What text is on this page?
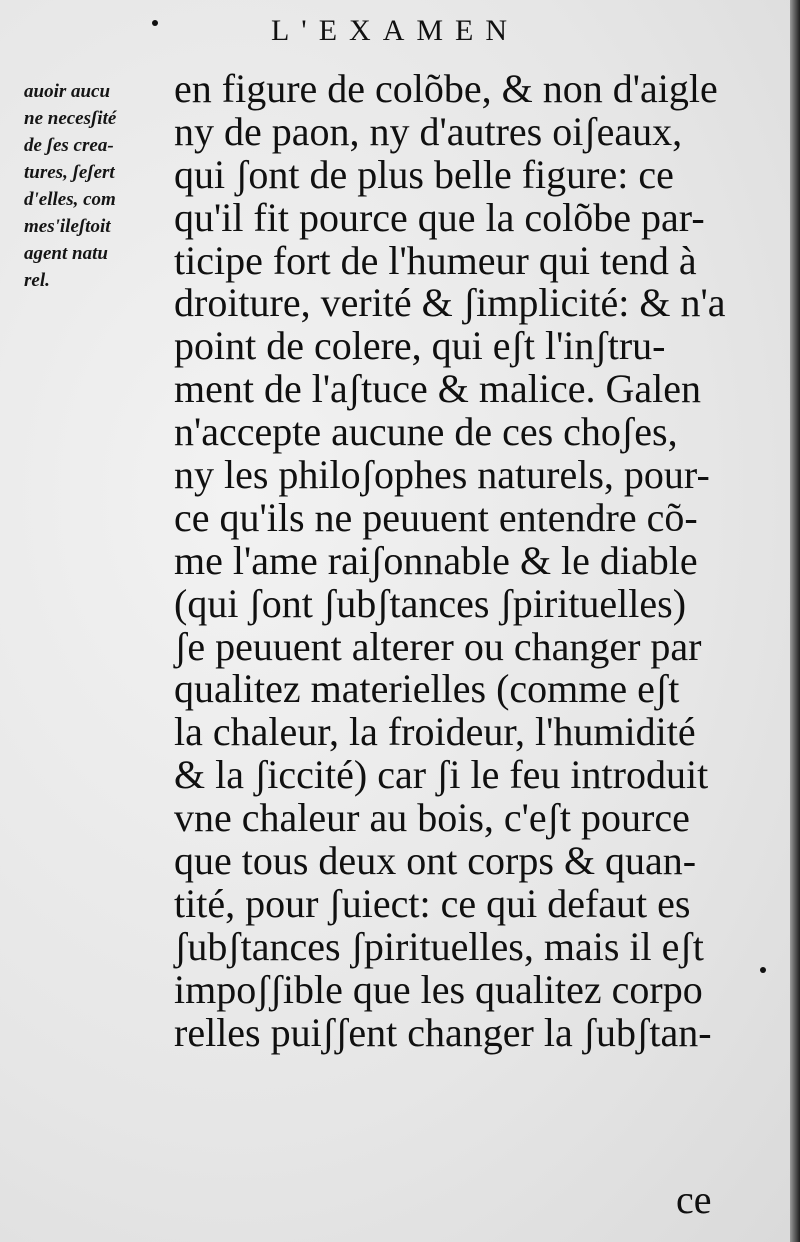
L'EXAMEN
auoir aucu
ne necesʃité
de ʃes crea-
tures, ʃeʃert
d'elles, com
mes'ileʃtoit
agent natu
rel.
en figure de colõbe, & non d'aigle
ny de paon, ny d'autres oiʃeaux,
qui ʃont de plus belle figure: ce
qu'il fit pource que la colõbe par-
ticipe fort de l'humeur qui tend à
droiture, verité & ʃimplicité: & n'a
point de colere, qui eʃt l'inʃtru-
ment de l'aʃtuce & malice. Galen
n'accepte aucune de ces choʃes,
ny les philoʃophes naturels, pour-
ce qu'ils ne peuuent entendre cõ-
me l'ame raiʃonnable & le diable
(qui ʃont ʃubʃtances ʃpirituelles)
ʃe peuuent alterer ou changer par
qualitez materielles (comme eʃt
la chaleur, la froideur, l'humidité
& la ʃiccité) car ʃi le feu introduit
vne chaleur au bois, c'eʃt pource
que tous deux ont corps & quan-
tité, pour ʃuiect: ce qui defaut es
ʃubʃtances ʃpirituelles, mais il eʃt
impoʃʃible que les qualitez corpo
relles puiʃʃent changer la ʃubʃtan-
ce
